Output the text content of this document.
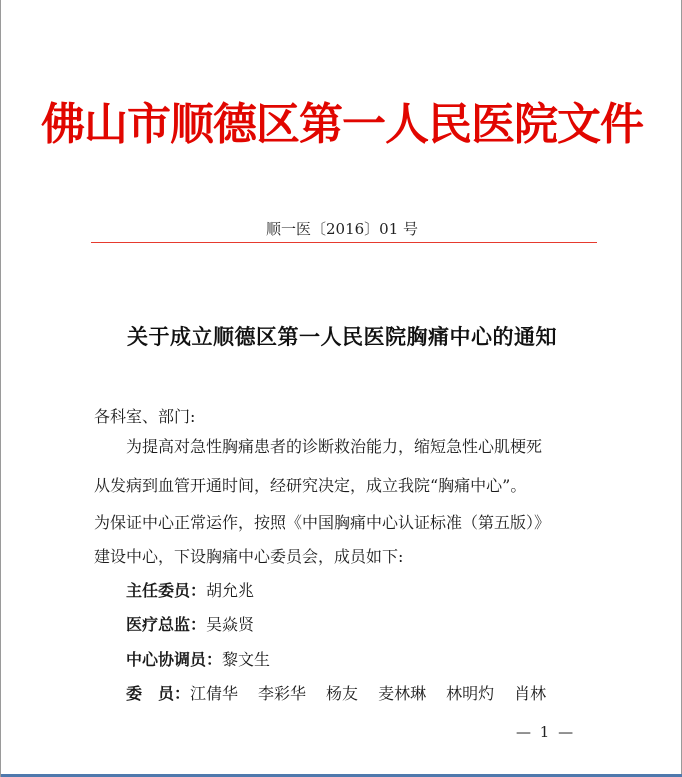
佛山市顺德区第一人民医院文件
顺一医〔2016〕01 号
关于成立顺德区第一人民医院胸痛中心的通知
各科室、部门:
为提高对急性胸痛患者的诊断救治能力，缩短急性心肌梗死
从发病到血管开通时间，经研究决定，成立我院“胸痛中心”。
为保证中心正常运作，按照《中国胸痛中心认证标准（第五版）》
建设中心，下设胸痛中心委员会，成员如下:
主任委员：胡允兆
医疗总监：吴焱贤
中心协调员：黎文生
委　员：江倩华 李彩华 杨友 麦林琳 林明灼 肖林
— 1 —
